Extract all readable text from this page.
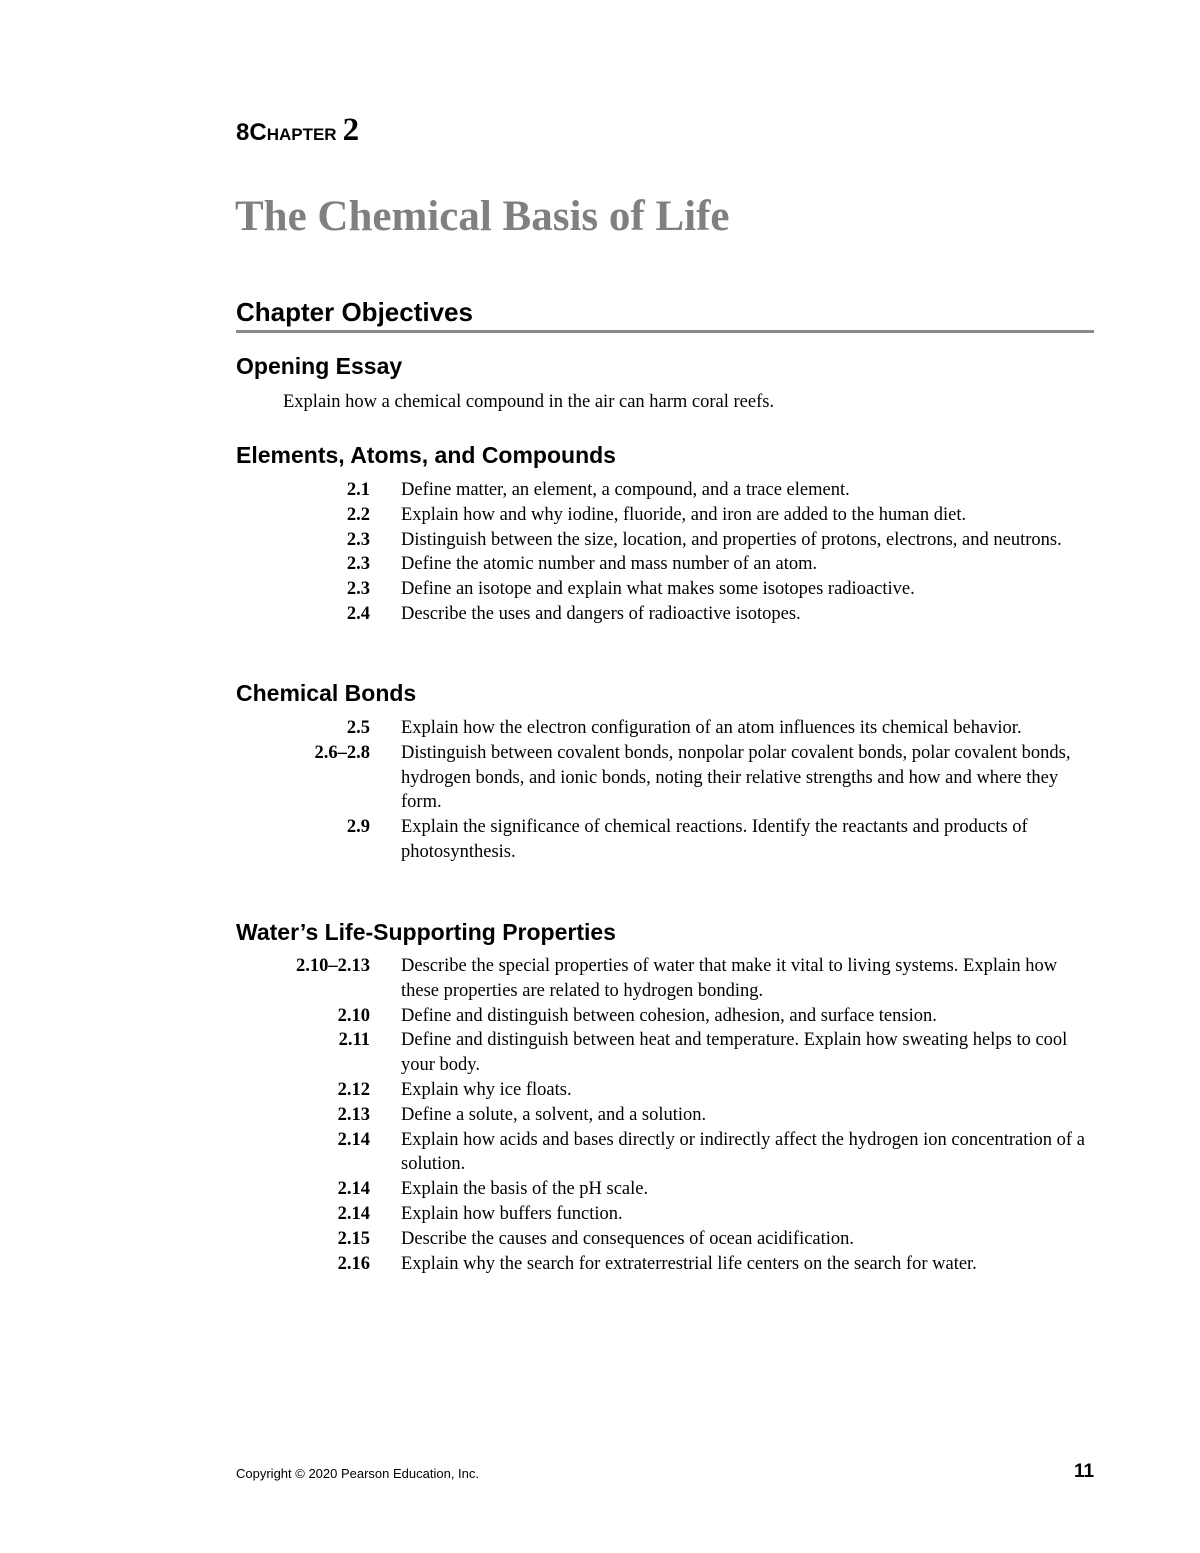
8CHAPTER 2
The Chemical Basis of Life
Chapter Objectives
Opening Essay
Explain how a chemical compound in the air can harm coral reefs.
Elements, Atoms, and Compounds
2.1 Define matter, an element, a compound, and a trace element.
2.2 Explain how and why iodine, fluoride, and iron are added to the human diet.
2.3 Distinguish between the size, location, and properties of protons, electrons, and neutrons.
2.3 Define the atomic number and mass number of an atom.
2.3 Define an isotope and explain what makes some isotopes radioactive.
2.4 Describe the uses and dangers of radioactive isotopes.
Chemical Bonds
2.5 Explain how the electron configuration of an atom influences its chemical behavior.
2.6–2.8 Distinguish between covalent bonds, nonpolar polar covalent bonds, polar covalent bonds, hydrogen bonds, and ionic bonds, noting their relative strengths and how and where they form.
2.9 Explain the significance of chemical reactions. Identify the reactants and products of photosynthesis.
Water’s Life-Supporting Properties
2.10–2.13 Describe the special properties of water that make it vital to living systems. Explain how these properties are related to hydrogen bonding.
2.10 Define and distinguish between cohesion, adhesion, and surface tension.
2.11 Define and distinguish between heat and temperature. Explain how sweating helps to cool your body.
2.12 Explain why ice floats.
2.13 Define a solute, a solvent, and a solution.
2.14 Explain how acids and bases directly or indirectly affect the hydrogen ion concentration of a solution.
2.14 Explain the basis of the pH scale.
2.14 Explain how buffers function.
2.15 Describe the causes and consequences of ocean acidification.
2.16 Explain why the search for extraterrestrial life centers on the search for water.
Copyright © 2020 Pearson Education, Inc.	11
